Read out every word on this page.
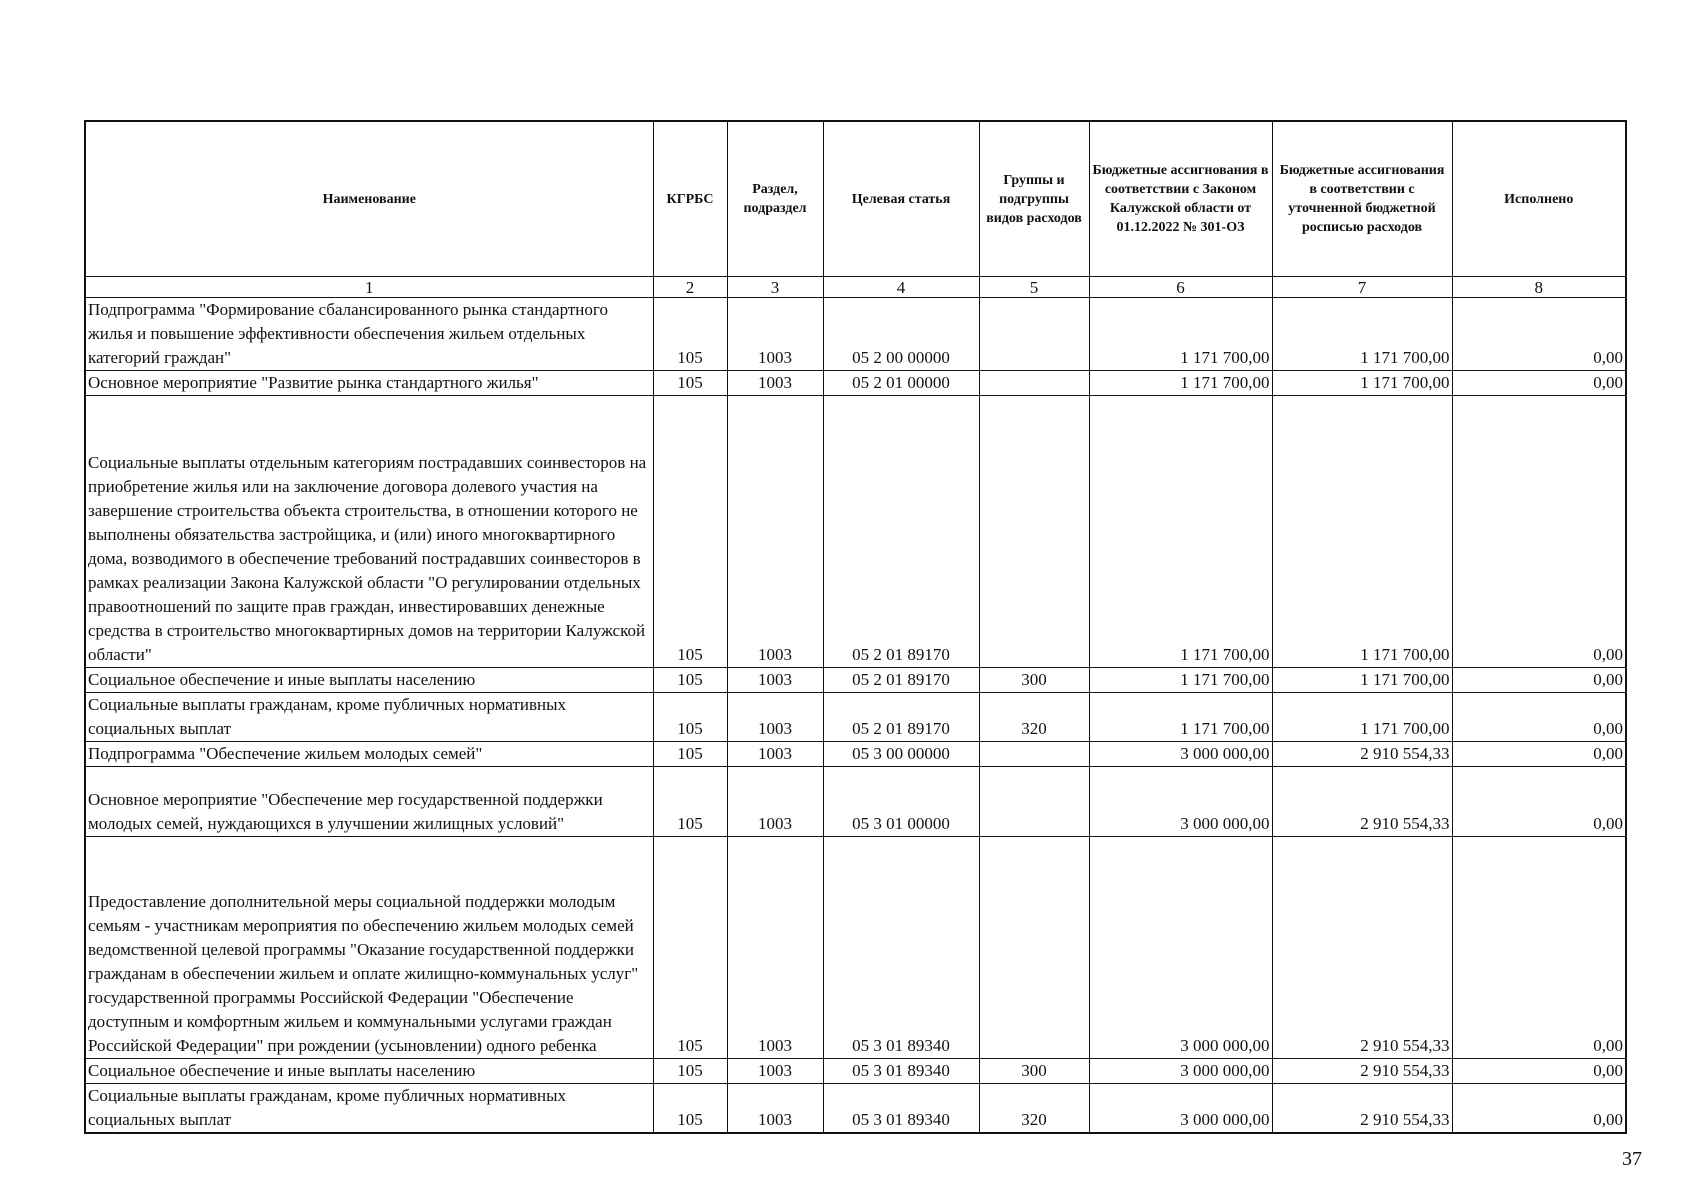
Наименование	КГРБС	Раздел, подраздел	Целевая статья	Группы и подгруппы видов расходов	Бюджетные ассигнования в соответствии с Законом Калужской области от 01.12.2022 № 301-ОЗ	Бюджетные ассигнования в соответствии с уточненной бюджетной росписью расходов	Исполнено
1	2	3	4	5	6	7	8
Подпрограмма "Формирование сбалансированного рынка стандартного жилья и повышение эффективности обеспечения жильем отдельных категорий граждан"	105	1003	05 2 00 00000		1 171 700,00	1 171 700,00	0,00
Основное мероприятие "Развитие рынка стандартного жилья"	105	1003	05 2 01 00000		1 171 700,00	1 171 700,00	0,00
Социальные выплаты отдельным категориям пострадавших соинвесторов на приобретение жилья или на заключение договора долевого участия на завершение строительства объекта строительства, в отношении которого не выполнены обязательства застройщика, и (или) иного многоквартирного дома, возводимого в обеспечение требований пострадавших соинвесторов в рамках реализации Закона Калужской области "О регулировании отдельных правоотношений по защите прав граждан, инвестировавших денежные средства в строительство многоквартирных домов на территории Калужской области"	105	1003	05 2 01 89170		1 171 700,00	1 171 700,00	0,00
Социальное обеспечение и иные выплаты населению	105	1003	05 2 01 89170	300	1 171 700,00	1 171 700,00	0,00
Социальные выплаты гражданам, кроме публичных нормативных социальных выплат	105	1003	05 2 01 89170	320	1 171 700,00	1 171 700,00	0,00
Подпрограмма "Обеспечение жильем молодых семей"	105	1003	05 3 00 00000		3 000 000,00	2 910 554,33	0,00
Основное мероприятие "Обеспечение мер государственной поддержки молодых семей, нуждающихся в улучшении жилищных условий"	105	1003	05 3 01 00000		3 000 000,00	2 910 554,33	0,00
Предоставление дополнительной меры социальной поддержки молодым семьям - участникам мероприятия по обеспечению жильем молодых семей ведомственной целевой программы "Оказание государственной поддержки гражданам в обеспечении жильем и оплате жилищно-коммунальных услуг" государственной программы Российской Федерации "Обеспечение доступным и комфортным жильем и коммунальными услугами граждан Российской Федерации" при рождении (усыновлении) одного ребенка	105	1003	05 3 01 89340		3 000 000,00	2 910 554,33	0,00
Социальное обеспечение и иные выплаты населению	105	1003	05 3 01 89340	300	3 000 000,00	2 910 554,33	0,00
Социальные выплаты гражданам, кроме публичных нормативных социальных выплат	105	1003	05 3 01 89340	320	3 000 000,00	2 910 554,33	0,00
37
